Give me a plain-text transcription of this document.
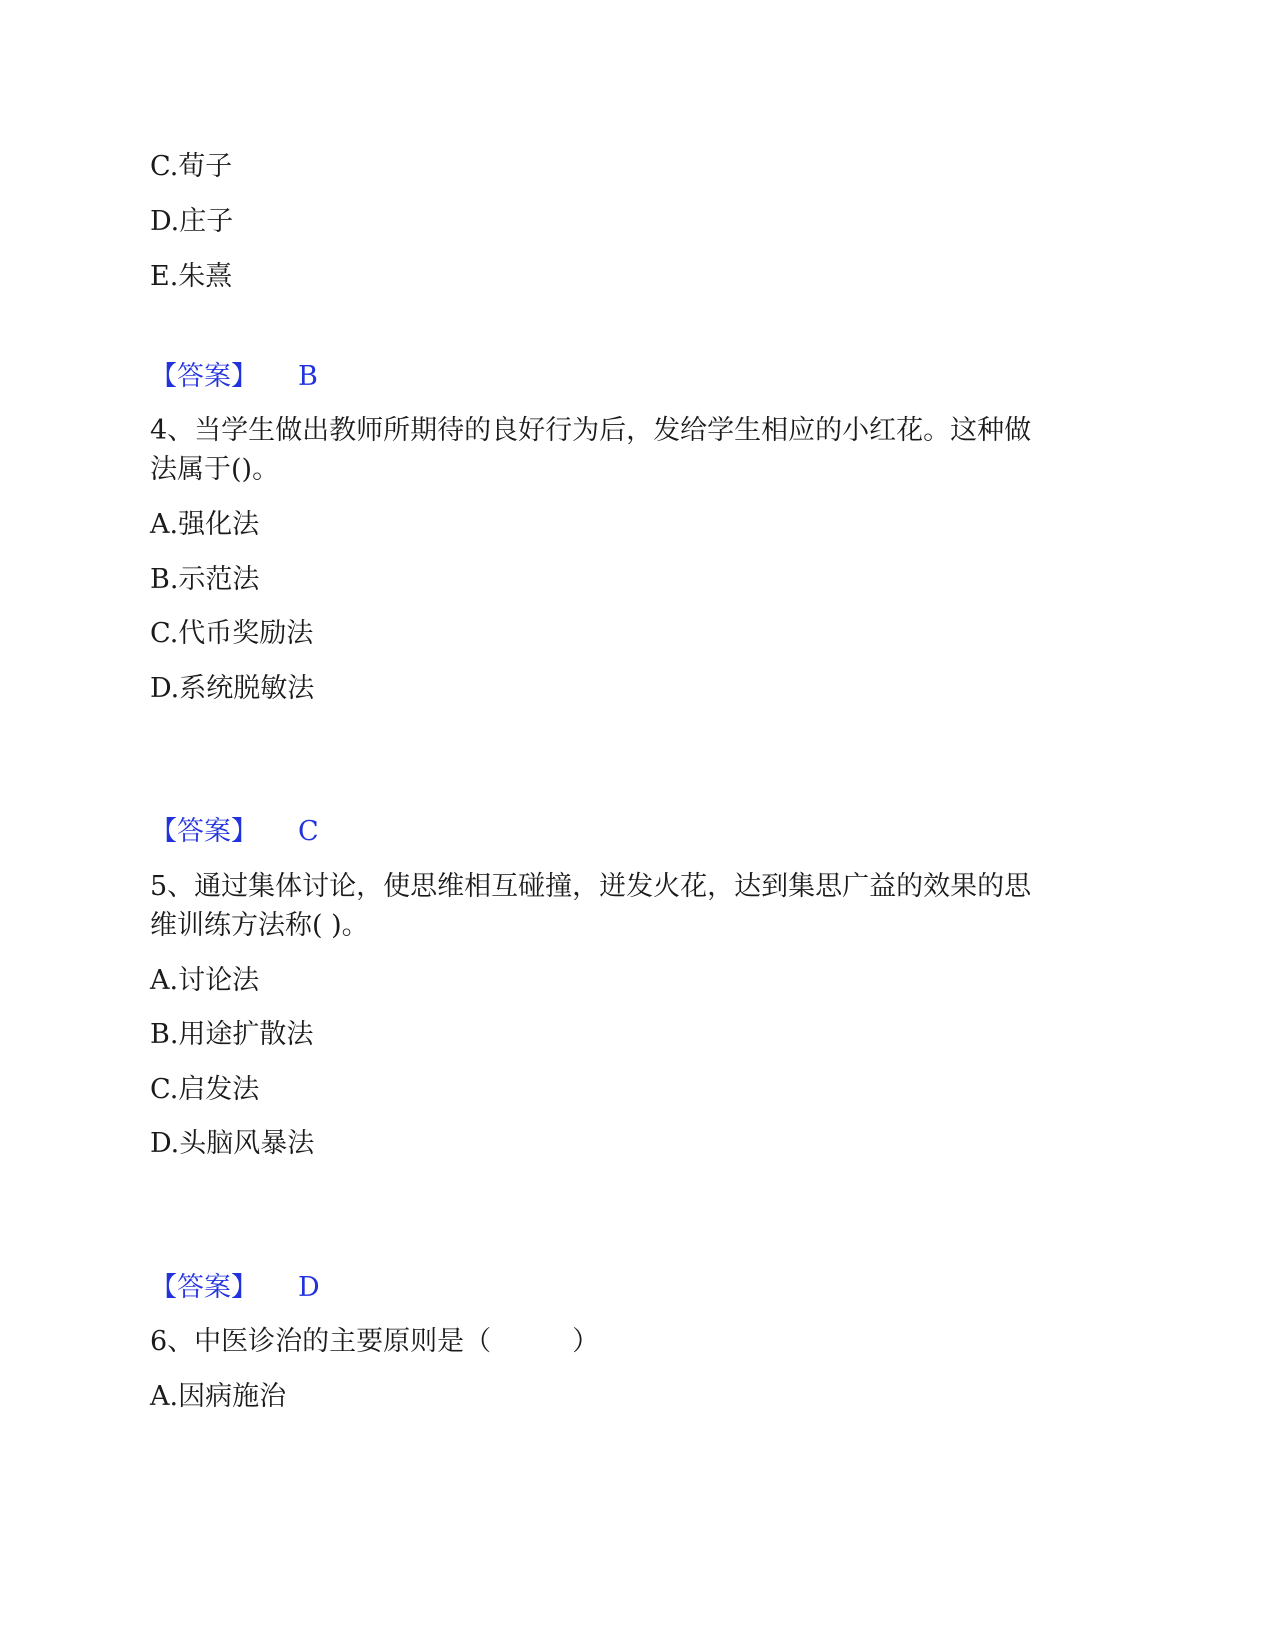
C.荀子
D.庄子
E.朱熹
【答案】 B
4、当学生做出教师所期待的良好行为后，发给学生相应的小红花。这种做
法属于()。
A.强化法
B.示范法
C.代币奖励法
D.系统脱敏法
【答案】 C
5、通过集体讨论，使思维相互碰撞，迸发火花，达到集思广益的效果的思
维训练方法称( )。
A.讨论法
B.用途扩散法
C.启发法
D.头脑风暴法
【答案】 D
6、中医诊治的主要原则是（　　　）
A.因病施治
